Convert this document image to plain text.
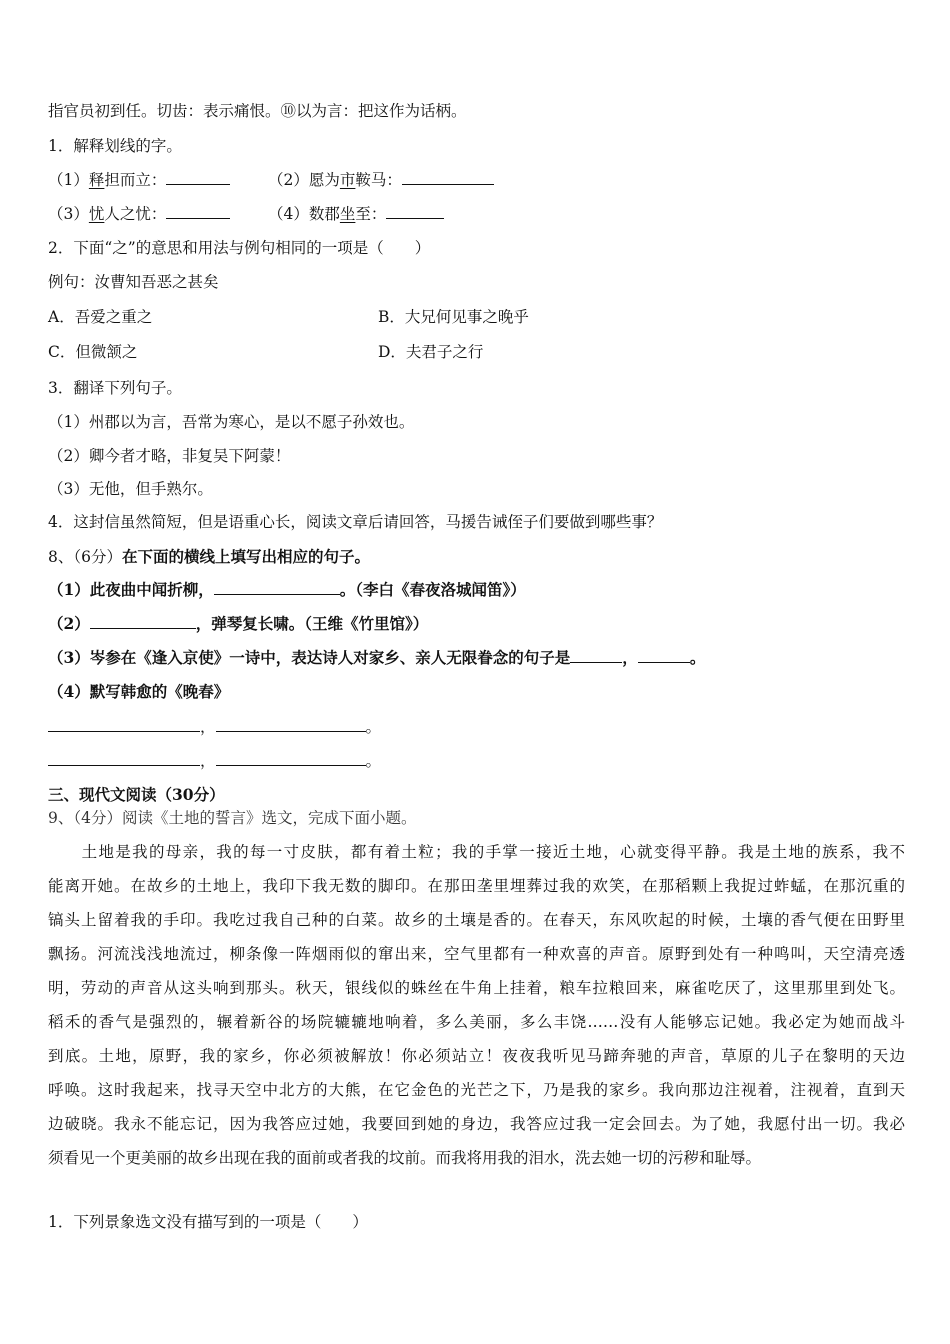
指官员初到任。切齿：表示痛恨。⑩以为言：把这作为话柄。
1．解释划线的字。
（1）释担而立：	（2）愿为市鞍马：
（3）忧人之忧：	（4）数郡坐至：
2．下面“之”的意思和用法与例句相同的一项是（　　）
例句：汝曹知吾恶之甚矣
A．吾爱之重之	B．大兄何见事之晚乎
C．但微颔之	D．夫君子之行
3．翻译下列句子。
（1）州郡以为言，吾常为寒心，是以不愿子孙效也。
（2）卿今者才略，非复吴下阿蒙！
（3）无他，但手熟尔。
4．这封信虽然简短，但是语重心长，阅读文章后请回答，马援告诫侄子们要做到哪些事？
8、（6分）在下面的横线上填写出相应的句子。
（1）此夜曲中闻折柳，	。（李白《春夜洛城闻笛》）
（2）	，弹琴复长啸。（王维《竹里馆》）
（3）岑参在《逢入京使》一诗中，表达诗人对家乡、亲人无限眷念的句子是	，	。
（4）默写韩愈的《晚春》
，	。
，	。
三、现代文阅读（30分）
9、（4分）阅读《土地的誓言》选文，完成下面小题。
　　土地是我的母亲，我的每一寸皮肤，都有着土粒；我的手掌一接近土地，心就变得平静。我是土地的族系，我不
能离开她。在故乡的土地上，我印下我无数的脚印。在那田垄里埋葬过我的欢笑，在那稻颗上我捉过蚱蜢，在那沉重的
镐头上留着我的手印。我吃过我自己种的白菜。故乡的土壤是香的。在春天，东风吹起的时候，土壤的香气便在田野里
飘扬。河流浅浅地流过，柳条像一阵烟雨似的窜出来，空气里都有一种欢喜的声音。原野到处有一种鸣叫，天空清亮透
明，劳动的声音从这头响到那头。秋天，银线似的蛛丝在牛角上挂着，粮车拉粮回来，麻雀吃厌了，这里那里到处飞。
稻禾的香气是强烈的，辗着新谷的场院辘辘地响着，多么美丽，多么丰饶……没有人能够忘记她。我必定为她而战斗
到底。土地，原野，我的家乡，你必须被解放！你必须站立！夜夜我听见马蹄奔驰的声音，草原的儿子在黎明的天边
呼唤。这时我起来，找寻天空中北方的大熊，在它金色的光芒之下，乃是我的家乡。我向那边注视着，注视着，直到天
边破晓。我永不能忘记，因为我答应过她，我要回到她的身边，我答应过我一定会回去。为了她，我愿付出一切。我必
须看见一个更美丽的故乡出现在我的面前或者我的坟前。而我将用我的泪水，洗去她一切的污秽和耻辱。
1．下列景象选文没有描写到的一项是（　　）
